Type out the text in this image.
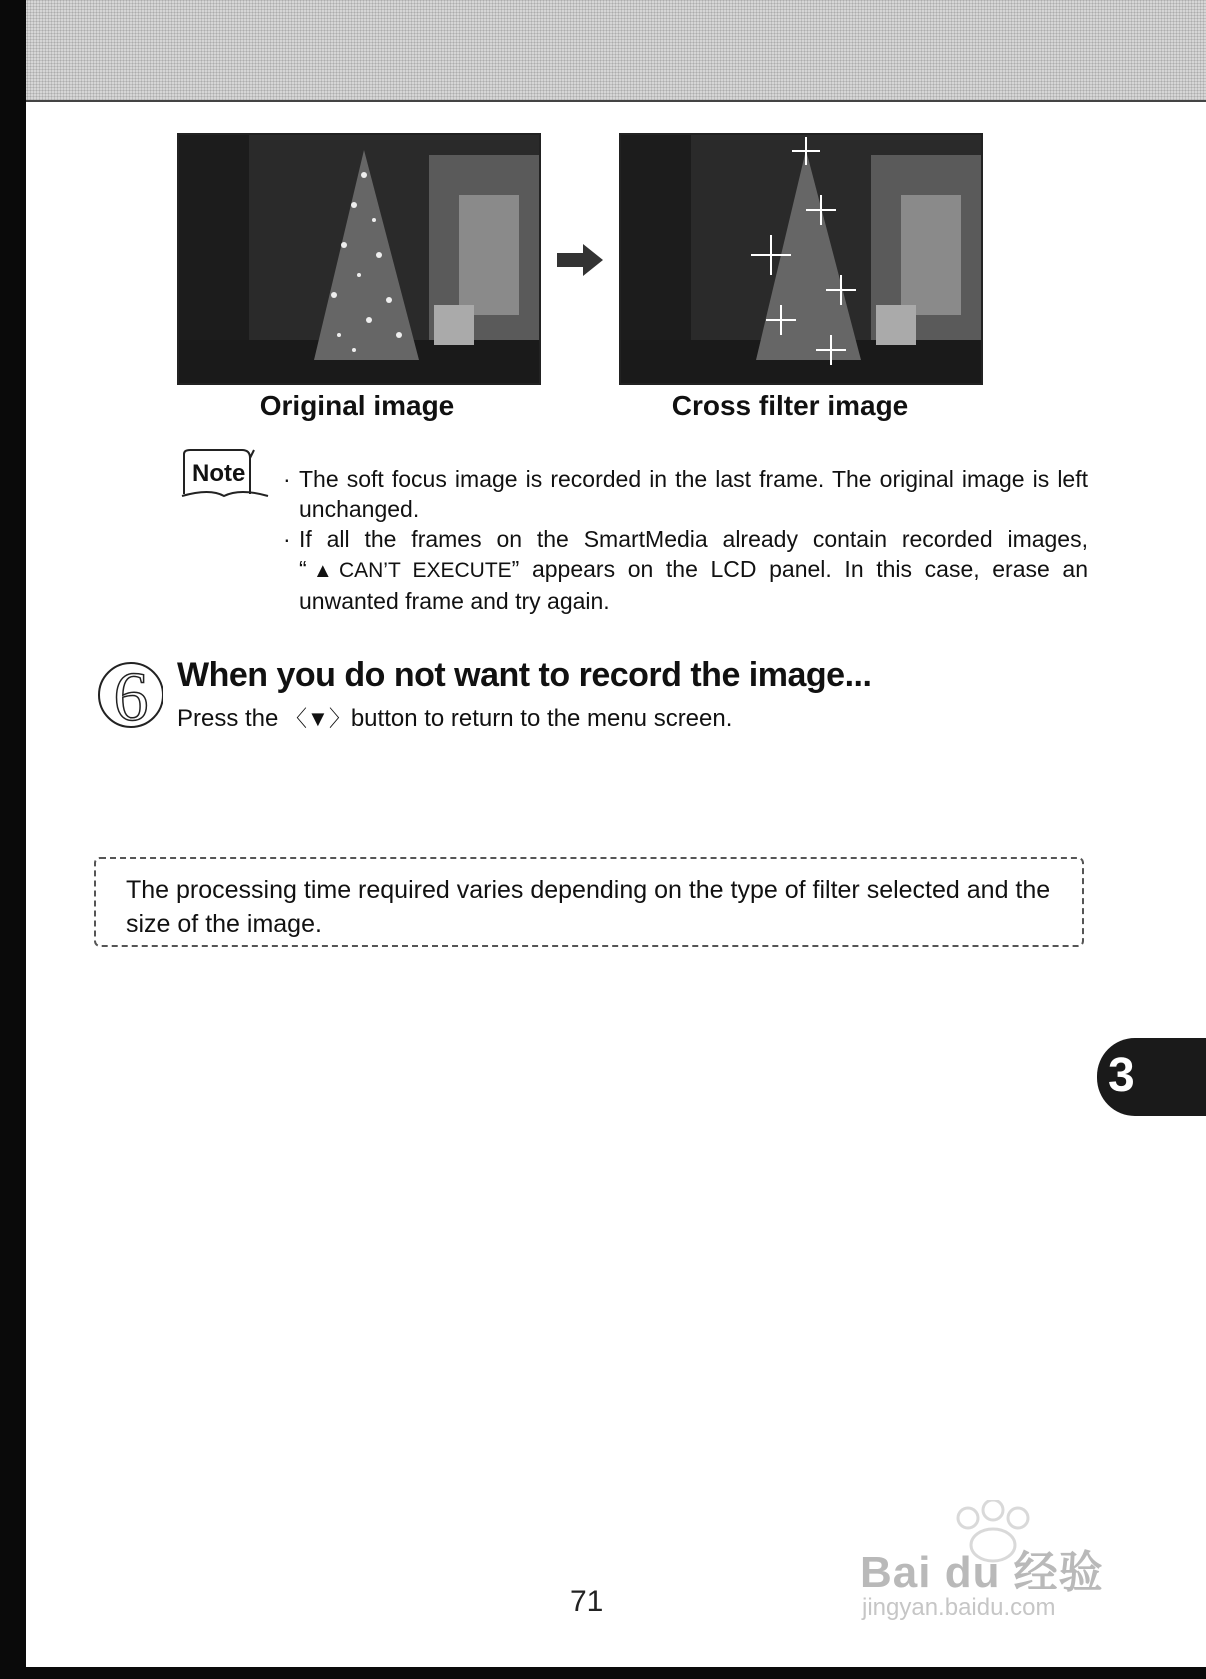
Original image	Cross filter image
Note · The soft focus image is recorded in the last frame. The original image is left unchanged.
· If all the frames on the SmartMedia already contain recorded images, “▲CAN’T EXECUTE” appears on the LCD panel. In this case, erase an unwanted frame and try again.
6 When you do not want to record the image...
Press the 〈▼〉button to return to the menu screen.
The processing time required varies depending on the type of filter selected and the size of the image.
3
71
Bai du 经验
jingyan.baidu.com
